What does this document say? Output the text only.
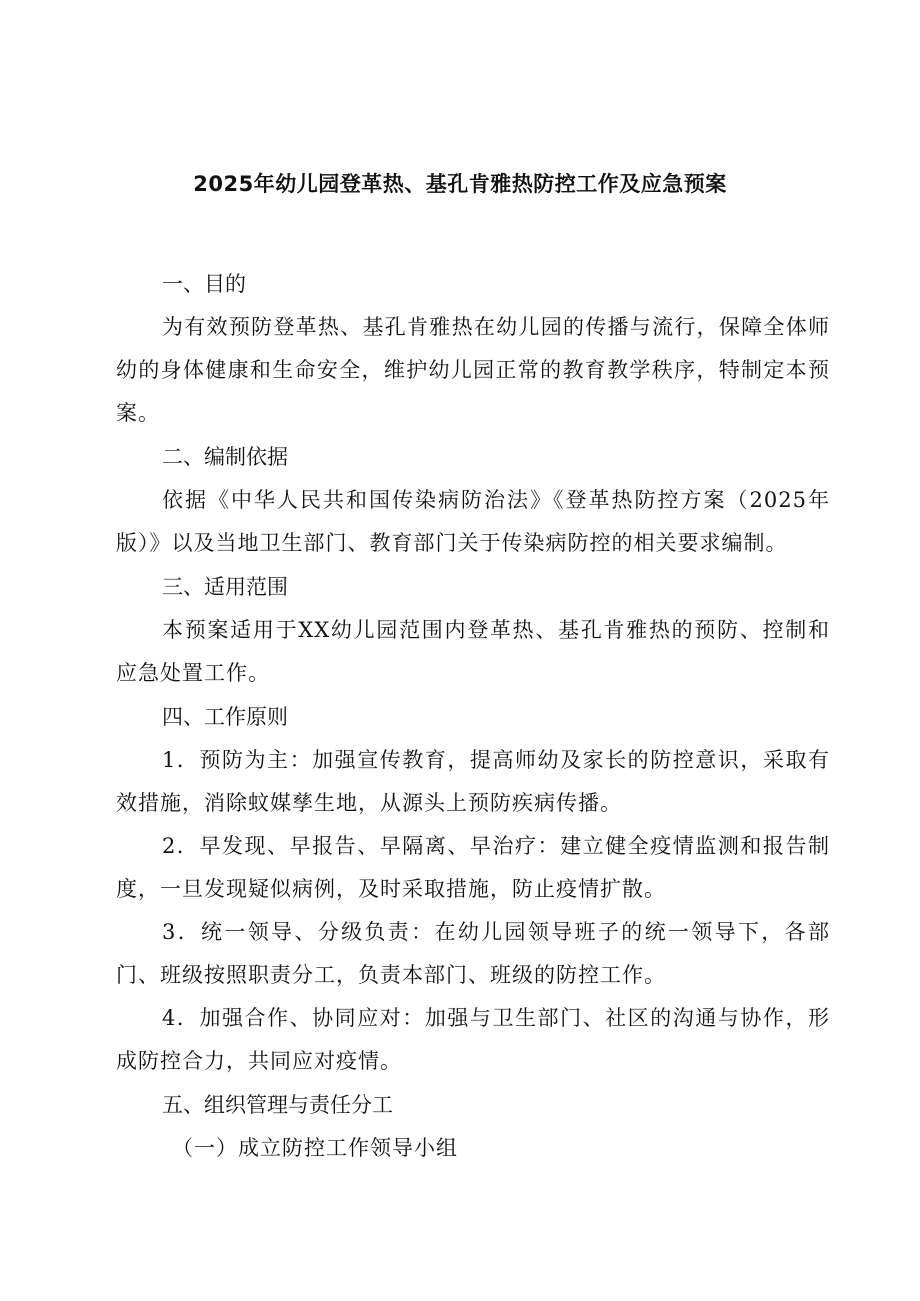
2025年幼儿园登革热、基孔肯雅热防控工作及应急预案
一、目的

为有效预防登革热、基孔肯雅热在幼儿园的传播与流行，保障全体师幼的身体健康和生命安全，维护幼儿园正常的教育教学秩序，特制定本预案。

二、编制依据

依据《中华人民共和国传染病防治法》《登革热防控方案（2025年版）》以及当地卫生部门、教育部门关于传染病防控的相关要求编制。

三、适用范围

本预案适用于XX幼儿园范围内登革热、基孔肯雅热的预防、控制和应急处置工作。

四、工作原则

1．预防为主：加强宣传教育，提高师幼及家长的防控意识，采取有效措施，消除蚊媒孳生地，从源头上预防疾病传播。

2．早发现、早报告、早隔离、早治疗：建立健全疫情监测和报告制度，一旦发现疑似病例，及时采取措施，防止疫情扩散。

3．统一领导、分级负责：在幼儿园领导班子的统一领导下，各部门、班级按照职责分工，负责本部门、班级的防控工作。

4．加强合作、协同应对：加强与卫生部门、社区的沟通与协作，形成防控合力，共同应对疫情。

五、组织管理与责任分工

（一）成立防控工作领导小组
